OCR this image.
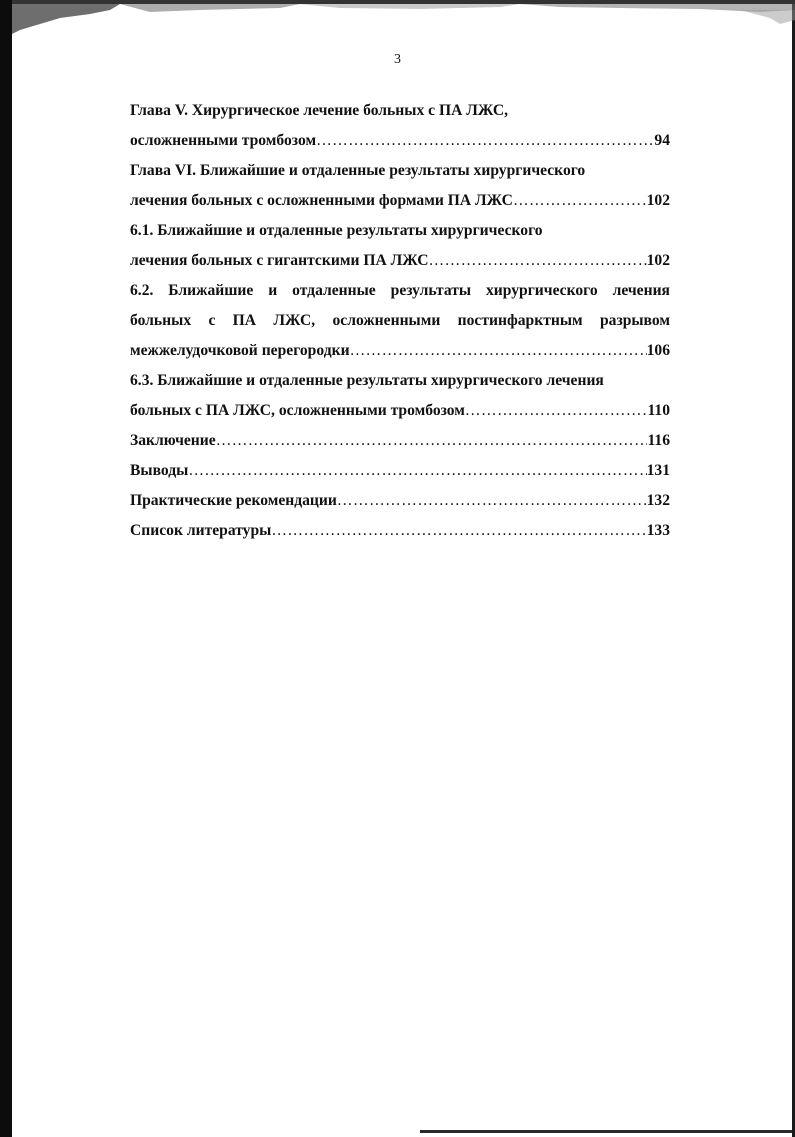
3
Глава V. Хирургическое лечение больных с ПА ЛЖС,
осложненными тромбозом ……………………………………………………………………………………………………………………………………………………………………………………………	94
Глава VI. Ближайшие и отдаленные результаты хирургического
лечения больных с осложненными формами ПА ЛЖС ……………………………………………………………………………………………………………………………………………………………………………………………	102
6.1. Ближайшие и отдаленные результаты хирургического
лечения больных с гигантскими ПА ЛЖС ……………………………………………………………………………………………………………………………………………………………………………………………	102
6.2. Ближайшие и отдаленные результаты хирургического лечения
больных с ПА ЛЖС, осложненными постинфарктным разрывом
межжелудочковой перегородки ……………………………………………………………………………………………………………………………………………………………………………………………	106
6.3. Ближайшие и отдаленные результаты хирургического лечения
больных с ПА ЛЖС, осложненными тромбозом ……………………………………………………………………………………………………………………………………………………………………………………………	110
Заключение ……………………………………………………………………………………………………………………………………………………………………………………………	116
Выводы ……………………………………………………………………………………………………………………………………………………………………………………………	131
Практические рекомендации ……………………………………………………………………………………………………………………………………………………………………………………………	132
Список литературы ……………………………………………………………………………………………………………………………………………………………………………………………	133
